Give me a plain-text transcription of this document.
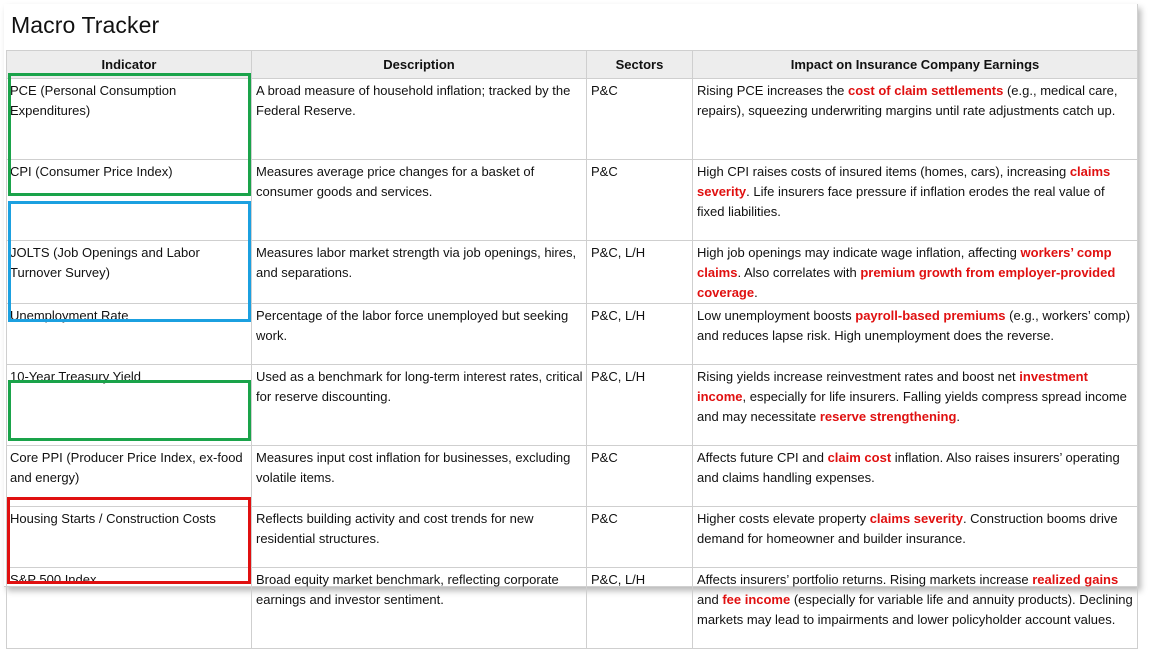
Macro Tracker
Indicator	Description	Sectors	Impact on Insurance Company Earnings
PCE (Personal Consumption Expenditures)	A broad measure of household inflation; tracked by the Federal Reserve.	P&C	Rising PCE increases the cost of claim settlements (e.g., medical care, repairs), squeezing underwriting margins until rate adjustments catch up.
CPI (Consumer Price Index)	Measures average price changes for a basket of consumer goods and services.	P&C	High CPI raises costs of insured items (homes, cars), increasing claims severity. Life insurers face pressure if inflation erodes the real value of fixed liabilities.
JOLTS (Job Openings and Labor Turnover Survey)	Measures labor market strength via job openings, hires, and separations.	P&C, L/H	High job openings may indicate wage inflation, affecting workers’ comp claims. Also correlates with premium growth from employer-provided coverage.
Unemployment Rate	Percentage of the labor force unemployed but seeking work.	P&C, L/H	Low unemployment boosts payroll-based premiums (e.g., workers’ comp) and reduces lapse risk. High unemployment does the reverse.
10-Year Treasury Yield	Used as a benchmark for long-term interest rates, critical for reserve discounting.	P&C, L/H	Rising yields increase reinvestment rates and boost net investment income, especially for life insurers. Falling yields compress spread income and may necessitate reserve strengthening.
Core PPI (Producer Price Index, ex-food and energy)	Measures input cost inflation for businesses, excluding volatile items.	P&C	Affects future CPI and claim cost inflation. Also raises insurers’ operating and claims handling expenses.
Housing Starts / Construction Costs	Reflects building activity and cost trends for new residential structures.	P&C	Higher costs elevate property claims severity. Construction booms drive demand for homeowner and builder insurance.
S&P 500 Index	Broad equity market benchmark, reflecting corporate earnings and investor sentiment.	P&C, L/H	Affects insurers’ portfolio returns. Rising markets increase realized gains and fee income (especially for variable life and annuity products). Declining markets may lead to impairments and lower policyholder account values.
